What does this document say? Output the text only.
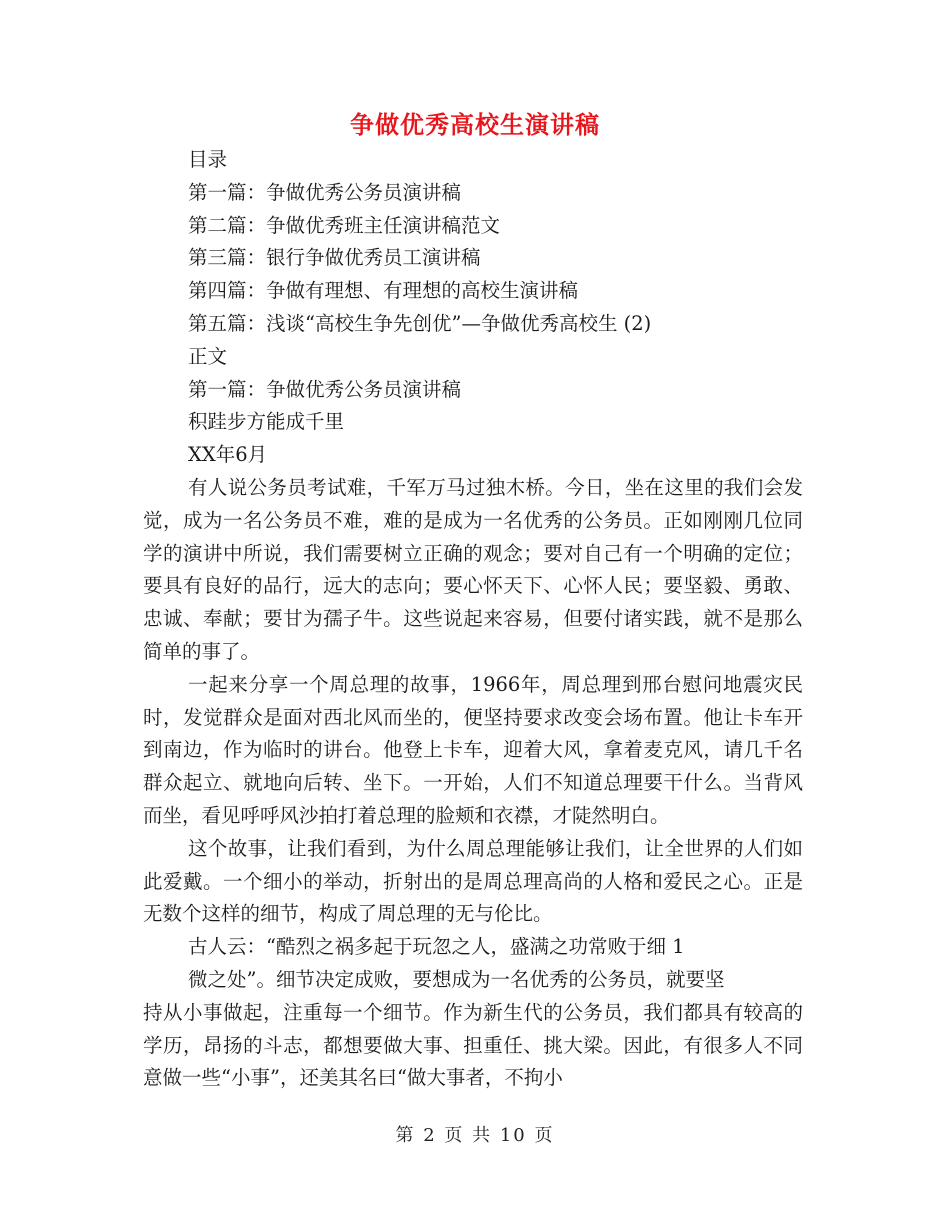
争做优秀高校生演讲稿
目录
第一篇：争做优秀公务员演讲稿
第二篇：争做优秀班主任演讲稿范文
第三篇：银行争做优秀员工演讲稿
第四篇：争做有理想、有理想的高校生演讲稿
第五篇：浅谈“高校生争先创优”—争做优秀高校生 (2)
正文
第一篇：争做优秀公务员演讲稿
积跬步方能成千里
XX年6月
有人说公务员考试难，千军万马过独木桥。今日，坐在这里的我们会发觉，成为一名公务员不难，难的是成为一名优秀的公务员。正如刚刚几位同学的演讲中所说，我们需要树立正确的观念；要对自己有一个明确的定位；要具有良好的品行，远大的志向；要心怀天下、心怀人民；要坚毅、勇敢、忠诚、奉献；要甘为孺子牛。这些说起来容易，但要付诸实践，就不是那么简单的事了。
一起来分享一个周总理的故事，1966年，周总理到邢台慰问地震灾民时，发觉群众是面对西北风而坐的，便坚持要求改变会场布置。他让卡车开到南边，作为临时的讲台。他登上卡车，迎着大风，拿着麦克风，请几千名群众起立、就地向后转、坐下。一开始，人们不知道总理要干什么。当背风而坐，看见呼呼风沙拍打着总理的脸颊和衣襟，才陡然明白。
这个故事，让我们看到，为什么周总理能够让我们，让全世界的人们如此爱戴。一个细小的举动，折射出的是周总理高尚的人格和爱民之心。正是无数个这样的细节，构成了周总理的无与伦比。
古人云：“酷烈之祸多起于玩忽之人，盛满之功常败于细 1
微之处”。细节决定成败，要想成为一名优秀的公务员，就要坚
持从小事做起，注重每一个细节。作为新生代的公务员，我们都具有较高的学历，昂扬的斗志，都想要做大事、担重任、挑大梁。因此，有很多人不同意做一些“小事”，还美其名曰“做大事者，不拘小
第 2 页 共 10 页
